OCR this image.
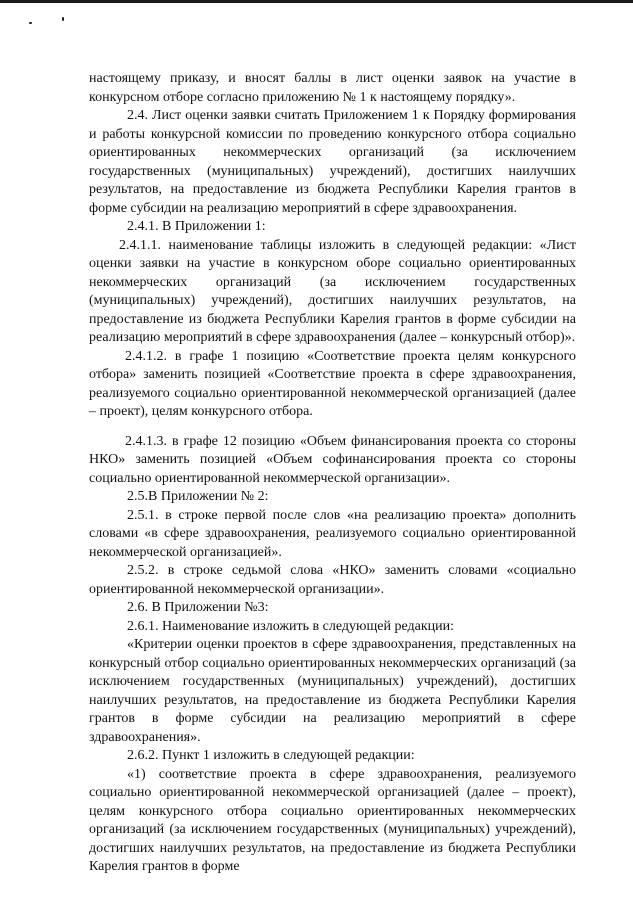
настоящему приказу, и вносят баллы в лист оценки заявок на участие в конкурсном отборе согласно приложению № 1 к настоящему порядку».

2.4. Лист оценки заявки считать Приложением 1 к Порядку формирования и работы конкурсной комиссии по проведению конкурсного отбора социально ориентированных некоммерческих организаций (за исключением государственных (муниципальных) учреждений), достигших наилучших результатов, на предоставление из бюджета Республики Карелия грантов в форме субсидии на реализацию мероприятий в сфере здравоохранения.

2.4.1. В Приложении 1:

2.4.1.1. наименование таблицы изложить в следующей редакции: «Лист оценки заявки на участие в конкурсном оборе социально ориентированных некоммерческих организаций (за исключением государственных (муниципальных) учреждений), достигших наилучших результатов, на предоставление из бюджета Республики Карелия грантов в форме субсидии на реализацию мероприятий в сфере здравоохранения (далее – конкурсный отбор)».

2.4.1.2. в графе 1 позицию «Соответствие проекта целям конкурсного отбора» заменить позицией «Соответствие проекта в сфере здравоохранения, реализуемого социально ориентированной некоммерческой организацией (далее – проект), целям конкурсного отбора.

2.4.1.3. в графе 12 позицию «Объем финансирования проекта со стороны НКО» заменить позицией «Объем софинансирования проекта со стороны социально ориентированной некоммерческой организации».

2.5.В Приложении № 2:

2.5.1. в строке первой после слов «на реализацию проекта» дополнить словами «в сфере здравоохранения, реализуемого социально ориентированной некоммерческой организацией».

2.5.2. в строке седьмой слова «НКО» заменить словами «социально ориентированной некоммерческой организации».

2.6. В Приложении №3:

2.6.1. Наименование изложить в следующей редакции:

«Критерии оценки проектов в сфере здравоохранения, представленных на конкурсный отбор социально ориентированных некоммерческих организаций (за исключением государственных (муниципальных) учреждений), достигших наилучших результатов, на предоставление из бюджета Республики Карелия грантов в форме субсидии на реализацию мероприятий в сфере здравоохранения».

2.6.2. Пункт 1 изложить в следующей редакции:

«1) соответствие проекта в сфере здравоохранения, реализуемого социально ориентированной некоммерческой организацией (далее – проект), целям конкурсного отбора социально ориентированных некоммерческих организаций (за исключением государственных (муниципальных) учреждений), достигших наилучших результатов, на предоставление из бюджета Республики Карелия грантов в форме
